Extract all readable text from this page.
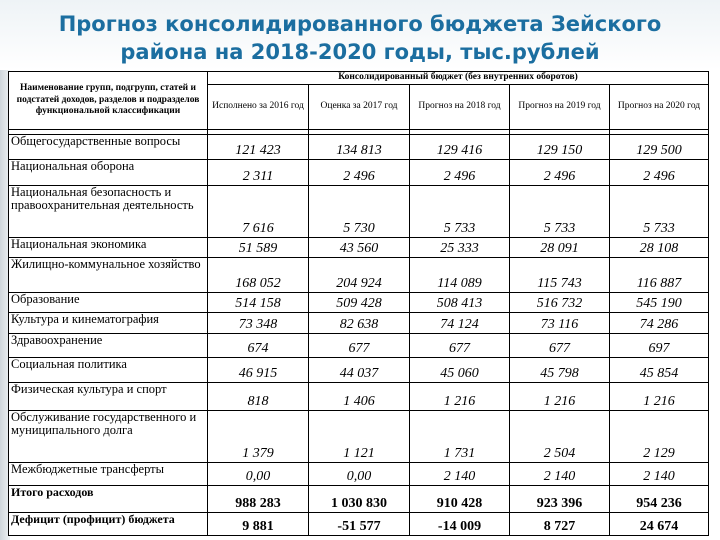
Прогноз консолидированного бюджета Зейского
района на 2018-2020 годы, тыс.рублей
Наименование групп, подгрупп, статей и подстатей доходов, разделов и подразделов функциональной классификации	Консолидированный бюджет (без внутренних оборотов)				
	Исполнено за 2016 год	Оценка за 2017 год	Прогноз на 2018 год	Прогноз на 2019 год	Прогноз на 2020 год

Общегосударственные вопросы	121 423	134 813	129 416	129 150	129 500
Национальная оборона	2 311	2 496	2 496	2 496	2 496
Национальная безопасность и правоохранительная деятельность	7 616	5 730	5 733	5 733	5 733
Национальная экономика	51 589	43 560	25 333	28 091	28 108
Жилищно-коммунальное хозяйство	168 052	204 924	114 089	115 743	116 887
Образование	514 158	509 428	508 413	516 732	545 190
Культура и кинематография	73 348	82 638	74 124	73 116	74 286
Здравоохранение	674	677	677	677	697
Социальная политика	46 915	44 037	45 060	45 798	45 854
Физическая культура и спорт	818	1 406	1 216	1 216	1 216
Обслуживание государственного и муниципального долга	1 379	1 121	1 731	2 504	2 129
Межбюджетные трансферты	0,00	0,00	2 140	2 140	2 140
Итого расходов	988 283	1 030 830	910 428	923 396	954 236
Дефицит (профицит) бюджета	9 881	-51 577	-14 009	8 727	24 674
